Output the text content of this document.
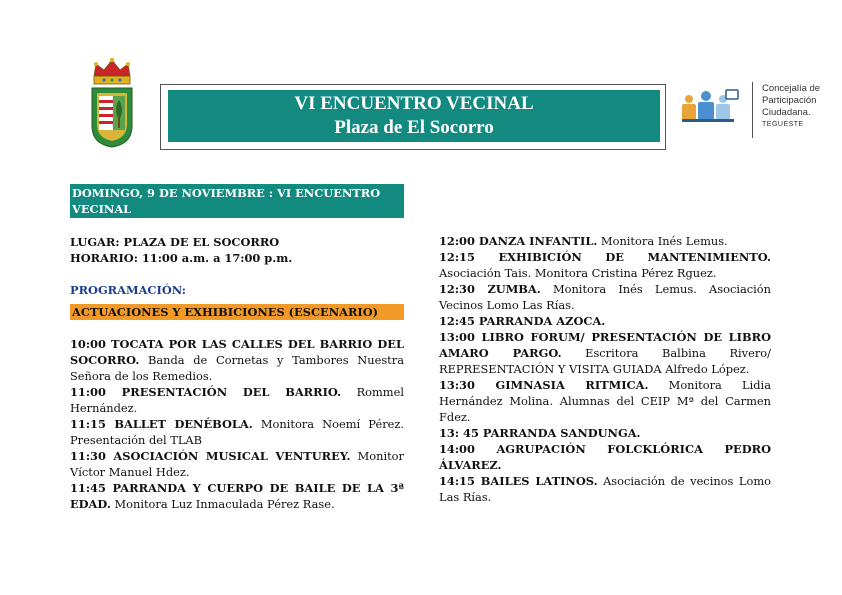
VI ENCUENTRO VECINAL
Plaza de El Socorro
Concejalía de
Participación
Ciudadana.
TEGUESTE
DOMINGO, 9 DE NOVIEMBRE : VI ENCUENTRO VECINAL
LUGAR: PLAZA DE EL SOCORRO
HORARIO: 11:00 a.m. a 17:00 p.m.
PROGRAMACIÓN:
ACTUACIONES Y EXHIBICIONES (ESCENARIO)
10:00 TOCATA POR LAS CALLES DEL BARRIO DEL SOCORRO. Banda de Cornetas y Tambores Nuestra Señora de los Remedios.
11:00 PRESENTACIÓN DEL BARRIO. Rommel Hernández.
11:15 BALLET DENÉBOLA. Monitora Noemí Pérez. Presentación del TLAB
11:30 ASOCIACIÓN MUSICAL VENTUREY. Monitor Víctor Manuel Hdez.
11:45 PARRANDA Y CUERPO DE BAILE DE LA 3ª EDAD. Monitora Luz Inmaculada Pérez Rase.
12:00 DANZA INFANTIL. Monitora Inés Lemus.
12:15 EXHIBICIÓN DE MANTENIMIENTO. Asociación Tais. Monitora Cristina Pérez Rguez.
12:30 ZUMBA. Monitora Inés Lemus. Asociación Vecinos Lomo Las Rías.
12:45 PARRANDA AZOCA.
13:00 LIBRO FORUM/ PRESENTACIÓN DE LIBRO AMARO PARGO. Escritora Balbina Rivero/ REPRESENTACIÓN Y VISITA GUIADA Alfredo López.
13:30 GIMNASIA RITMICA. Monitora Lidia Hernández Molina. Alumnas del CEIP Mª del Carmen Fdez.
13: 45 PARRANDA SANDUNGA.
14:00 AGRUPACIÓN FOLCKLÓRICA PEDRO ÁLVAREZ.
14:15 BAILES LATINOS. Asociación de vecinos Lomo Las Rías.
